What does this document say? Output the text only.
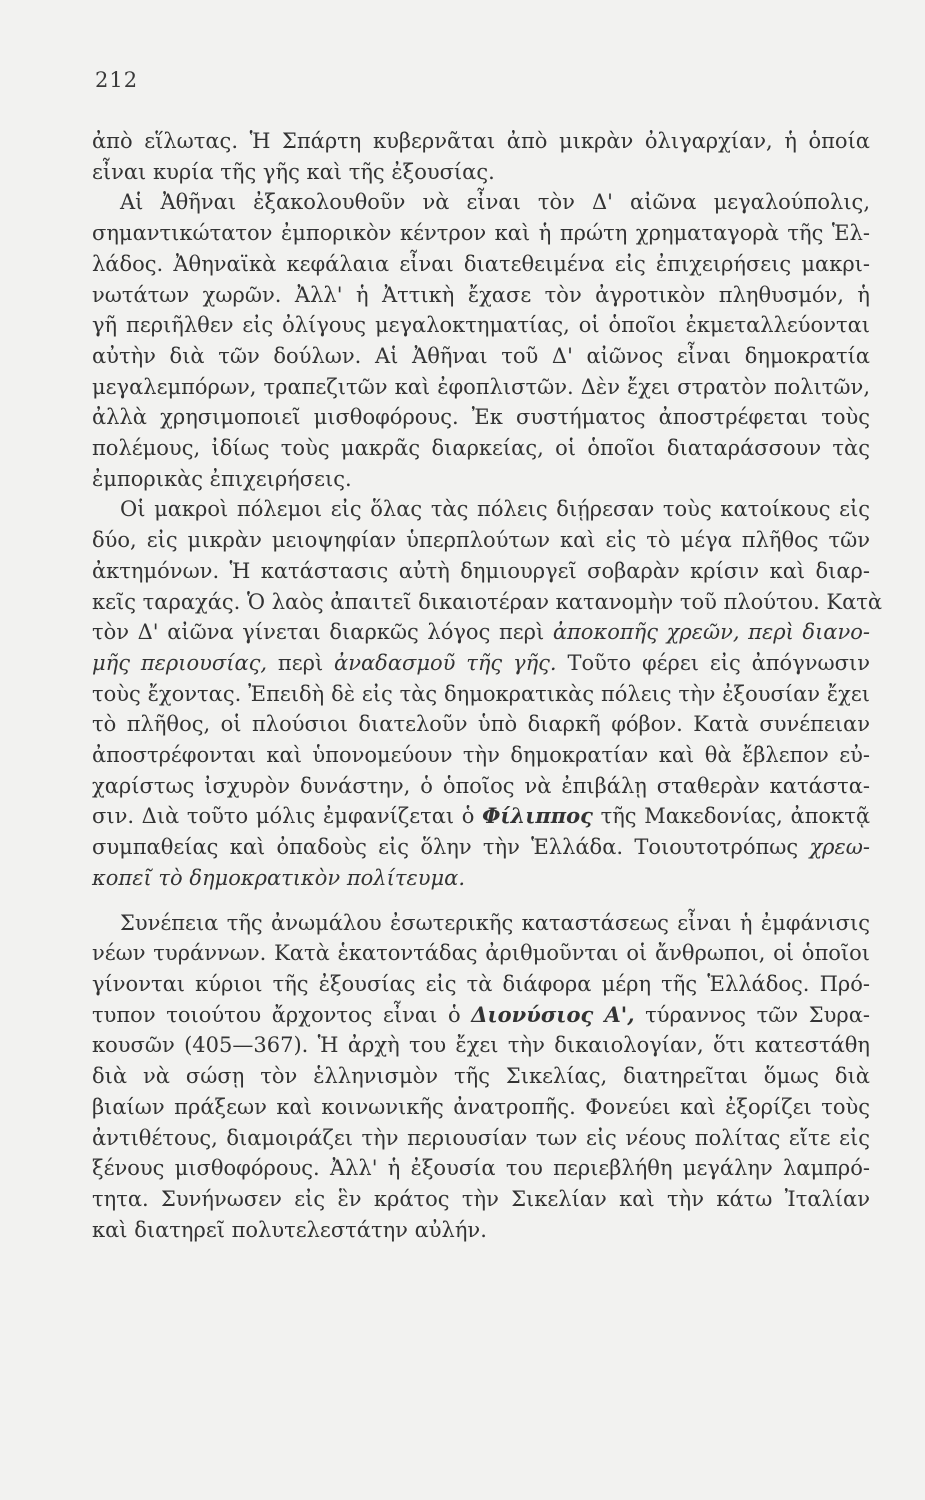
212
ἀπὸ εἵλωτας. Ἡ Σπάρτη κυβερνᾶται ἀπὸ μικρὰν ὀλιγαρχίαν, ἡ ὁποία
εἶναι κυρία τῆς γῆς καὶ τῆς ἐξουσίας.
Αἱ Ἀθῆναι ἐξακολουθοῦν νὰ εἶναι τὸν Δ' αἰῶνα μεγαλούπολις,
σημαντικώτατον ἐμπορικὸν κέντρον καὶ ἡ πρώτη χρηματαγορὰ τῆς Ἑλ-
λάδος. Ἀθηναϊκὰ κεφάλαια εἶναι διατεθειμένα εἰς ἐπιχειρήσεις μακρι-
νωτάτων χωρῶν. Ἀλλ' ἡ Ἀττικὴ ἔχασε τὸν ἀγροτικὸν πληθυσμόν, ἡ
γῆ περιῆλθεν εἰς ὀλίγους μεγαλοκτηματίας, οἱ ὁποῖοι ἐκμεταλλεύονται
αὐτὴν διὰ τῶν δούλων. Αἱ Ἀθῆναι τοῦ Δ' αἰῶνος εἶναι δημοκρατία
μεγαλεμπόρων, τραπεζιτῶν καὶ ἐφοπλιστῶν. Δὲν ἔχει στρατὸν πολιτῶν,
ἀλλὰ χρησιμοποιεῖ μισθοφόρους. Ἐκ συστήματος ἀποστρέφεται τοὺς
πολέμους, ἰδίως τοὺς μακρᾶς διαρκείας, οἱ ὁποῖοι διαταράσσουν τὰς
ἐμπορικὰς ἐπιχειρήσεις.
Οἱ μακροὶ πόλεμοι εἰς ὅλας τὰς πόλεις διῄρεσαν τοὺς κατοίκους εἰς
δύο, εἰς μικρὰν μειοψηφίαν ὑπερπλούτων καὶ εἰς τὸ μέγα πλῆθος τῶν
ἀκτημόνων. Ἡ κατάστασις αὐτὴ δημιουργεῖ σοβαρὰν κρίσιν καὶ διαρ-
κεῖς ταραχάς. Ὁ λαὸς ἀπαιτεῖ δικαιοτέραν κατανομὴν τοῦ πλούτου. Κατὰ
τὸν Δ' αἰῶνα γίνεται διαρκῶς λόγος περὶ ἀποκοπῆς χρεῶν, περὶ διανο-
μῆς περιουσίας, περὶ ἀναδασμοῦ τῆς γῆς. Τοῦτο φέρει εἰς ἀπόγνωσιν
τοὺς ἔχοντας. Ἐπειδὴ δὲ εἰς τὰς δημοκρατικὰς πόλεις τὴν ἐξουσίαν ἔχει
τὸ πλῆθος, οἱ πλούσιοι διατελοῦν ὑπὸ διαρκῆ φόβον. Κατὰ συνέπειαν
ἀποστρέφονται καὶ ὑπονομεύουν τὴν δημοκρατίαν καὶ θὰ ἔβλεπον εὐ-
χαρίστως ἰσχυρὸν δυνάστην, ὁ ὁποῖος νὰ ἐπιβάλῃ σταθερὰν κατάστα-
σιν. Διὰ τοῦτο μόλις ἐμφανίζεται ὁ Φίλιππος τῆς Μακεδονίας, ἀποκτᾷ
συμπαθείας καὶ ὀπαδοὺς εἰς ὅλην τὴν Ἑλλάδα. Τοιουτοτρόπως χρεω-
κοπεῖ τὸ δημοκρατικὸν πολίτευμα.
Συνέπεια τῆς ἀνωμάλου ἐσωτερικῆς καταστάσεως εἶναι ἡ ἐμφάνισις
νέων τυράννων. Κατὰ ἑκατοντάδας ἀριθμοῦνται οἱ ἄνθρωποι, οἱ ὁποῖοι
γίνονται κύριοι τῆς ἐξουσίας εἰς τὰ διάφορα μέρη τῆς Ἑλλάδος. Πρό-
τυπον τοιούτου ἄρχοντος εἶναι ὁ Διονύσιος Α', τύραννος τῶν Συρα-
κουσῶν (405—367). Ἡ ἀρχὴ του ἔχει τὴν δικαιολογίαν, ὅτι κατεστάθη
διὰ νὰ σώσῃ τὸν ἑλληνισμὸν τῆς Σικελίας, διατηρεῖται ὅμως διὰ
βιαίων πράξεων καὶ κοινωνικῆς ἀνατροπῆς. Φονεύει καὶ ἐξορίζει τοὺς
ἀντιθέτους, διαμοιράζει τὴν περιουσίαν των εἰς νέους πολίτας εἴτε εἰς
ξένους μισθοφόρους. Ἀλλ' ἡ ἐξουσία του περιεβλήθη μεγάλην λαμπρό-
τητα. Συνήνωσεν εἰς ἓν κράτος τὴν Σικελίαν καὶ τὴν κάτω Ἰταλίαν
καὶ διατηρεῖ πολυτελεστάτην αὐλήν.
